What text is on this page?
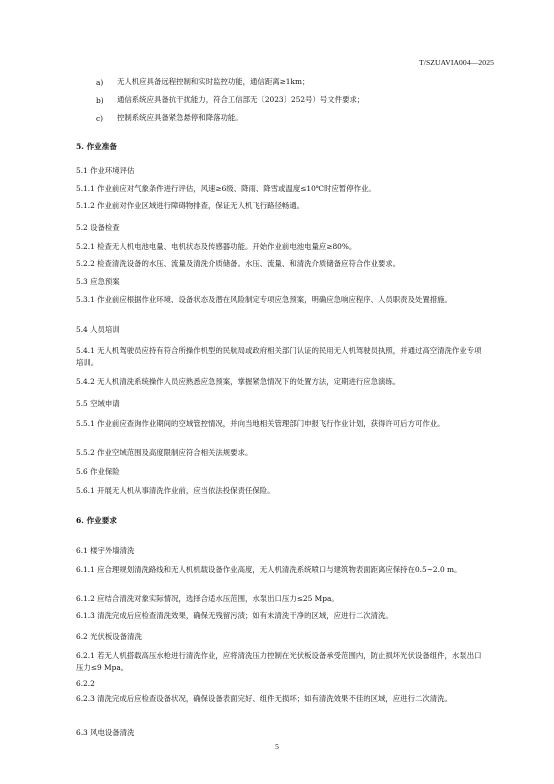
T/SZUAVIA004—2025
a) 无人机应具备远程控制和实时监控功能，通信距离≥1km；
b) 通信系统应具备抗干扰能力，符合工信部无〔2023〕252号）号文件要求；
c) 控制系统应具备紧急悬停和降落功能。
5. 作业准备
5.1 作业环境评估
5.1.1 作业前应对气象条件进行评估，风速≥6级、降雨、降雪或温度≤10℃时应暂停作业。
5.1.2 作业前对作业区域进行障碍物排查，保证无人机飞行路径畅通。
5.2 设备检查
5.2.1 检查无人机电池电量、电机状态及传感器功能。开始作业前电池电量应≥80%。
5.2.2 检查清洗设备的水压、流量及清洗介质储备。水压、流量、和清洗介质储备应符合作业要求。
5.3 应急预案
5.3.1 作业前应根据作业环境、设备状态及潜在风险制定专项应急预案，明确应急响应程序、人员职责及处置措施。
5.4 人员培训
5.4.1 无人机驾驶员应持有符合所操作机型的民航局或政府相关部门认证的民用无人机驾驶员执照，并通过高空清洗作业专项培训。
5.4.2 无人机清洗系统操作人员应熟悉应急预案，掌握紧急情况下的处置方法，定期进行应急演练。
5.5 空域申请
5.5.1 作业前应查询作业期间的空域管控情况，并向当地相关管理部门申报飞行作业计划，获得许可后方可作业。
5.5.2 作业空域范围及高度限制应符合相关法规要求。
5.6 作业保险
5.6.1 开展无人机从事清洗作业前，应当依法投保责任保险。
6. 作业要求
6.1 楼宇外墙清洗
6.1.1 应合理规划清洗路线和无人机机载设备作业高度，无人机清洗系统喷口与建筑物表面距离应保持在0.5~2.0 m。
6.1.2 应结合清洗对象实际情况，选择合适水压范围，水泵出口压力≤25 Mpa。
6.1.3 清洗完成后应检查清洗效果，确保无残留污渍；如有未清洗干净的区域，应进行二次清洗。
6.2 光伏板设备清洗
6.2.1 若无人机搭载高压水枪进行清洗作业，应将清洗压力控制在光伏板设备承受范围内，防止损坏光伏设备组件，水泵出口压力≤9 Mpa。
6.2.2
6.2.3 清洗完成后应检查设备状况，确保设备表面完好、组件无损坏；如有清洗效果不佳的区域，应进行二次清洗。
6.3 风电设备清洗
5
